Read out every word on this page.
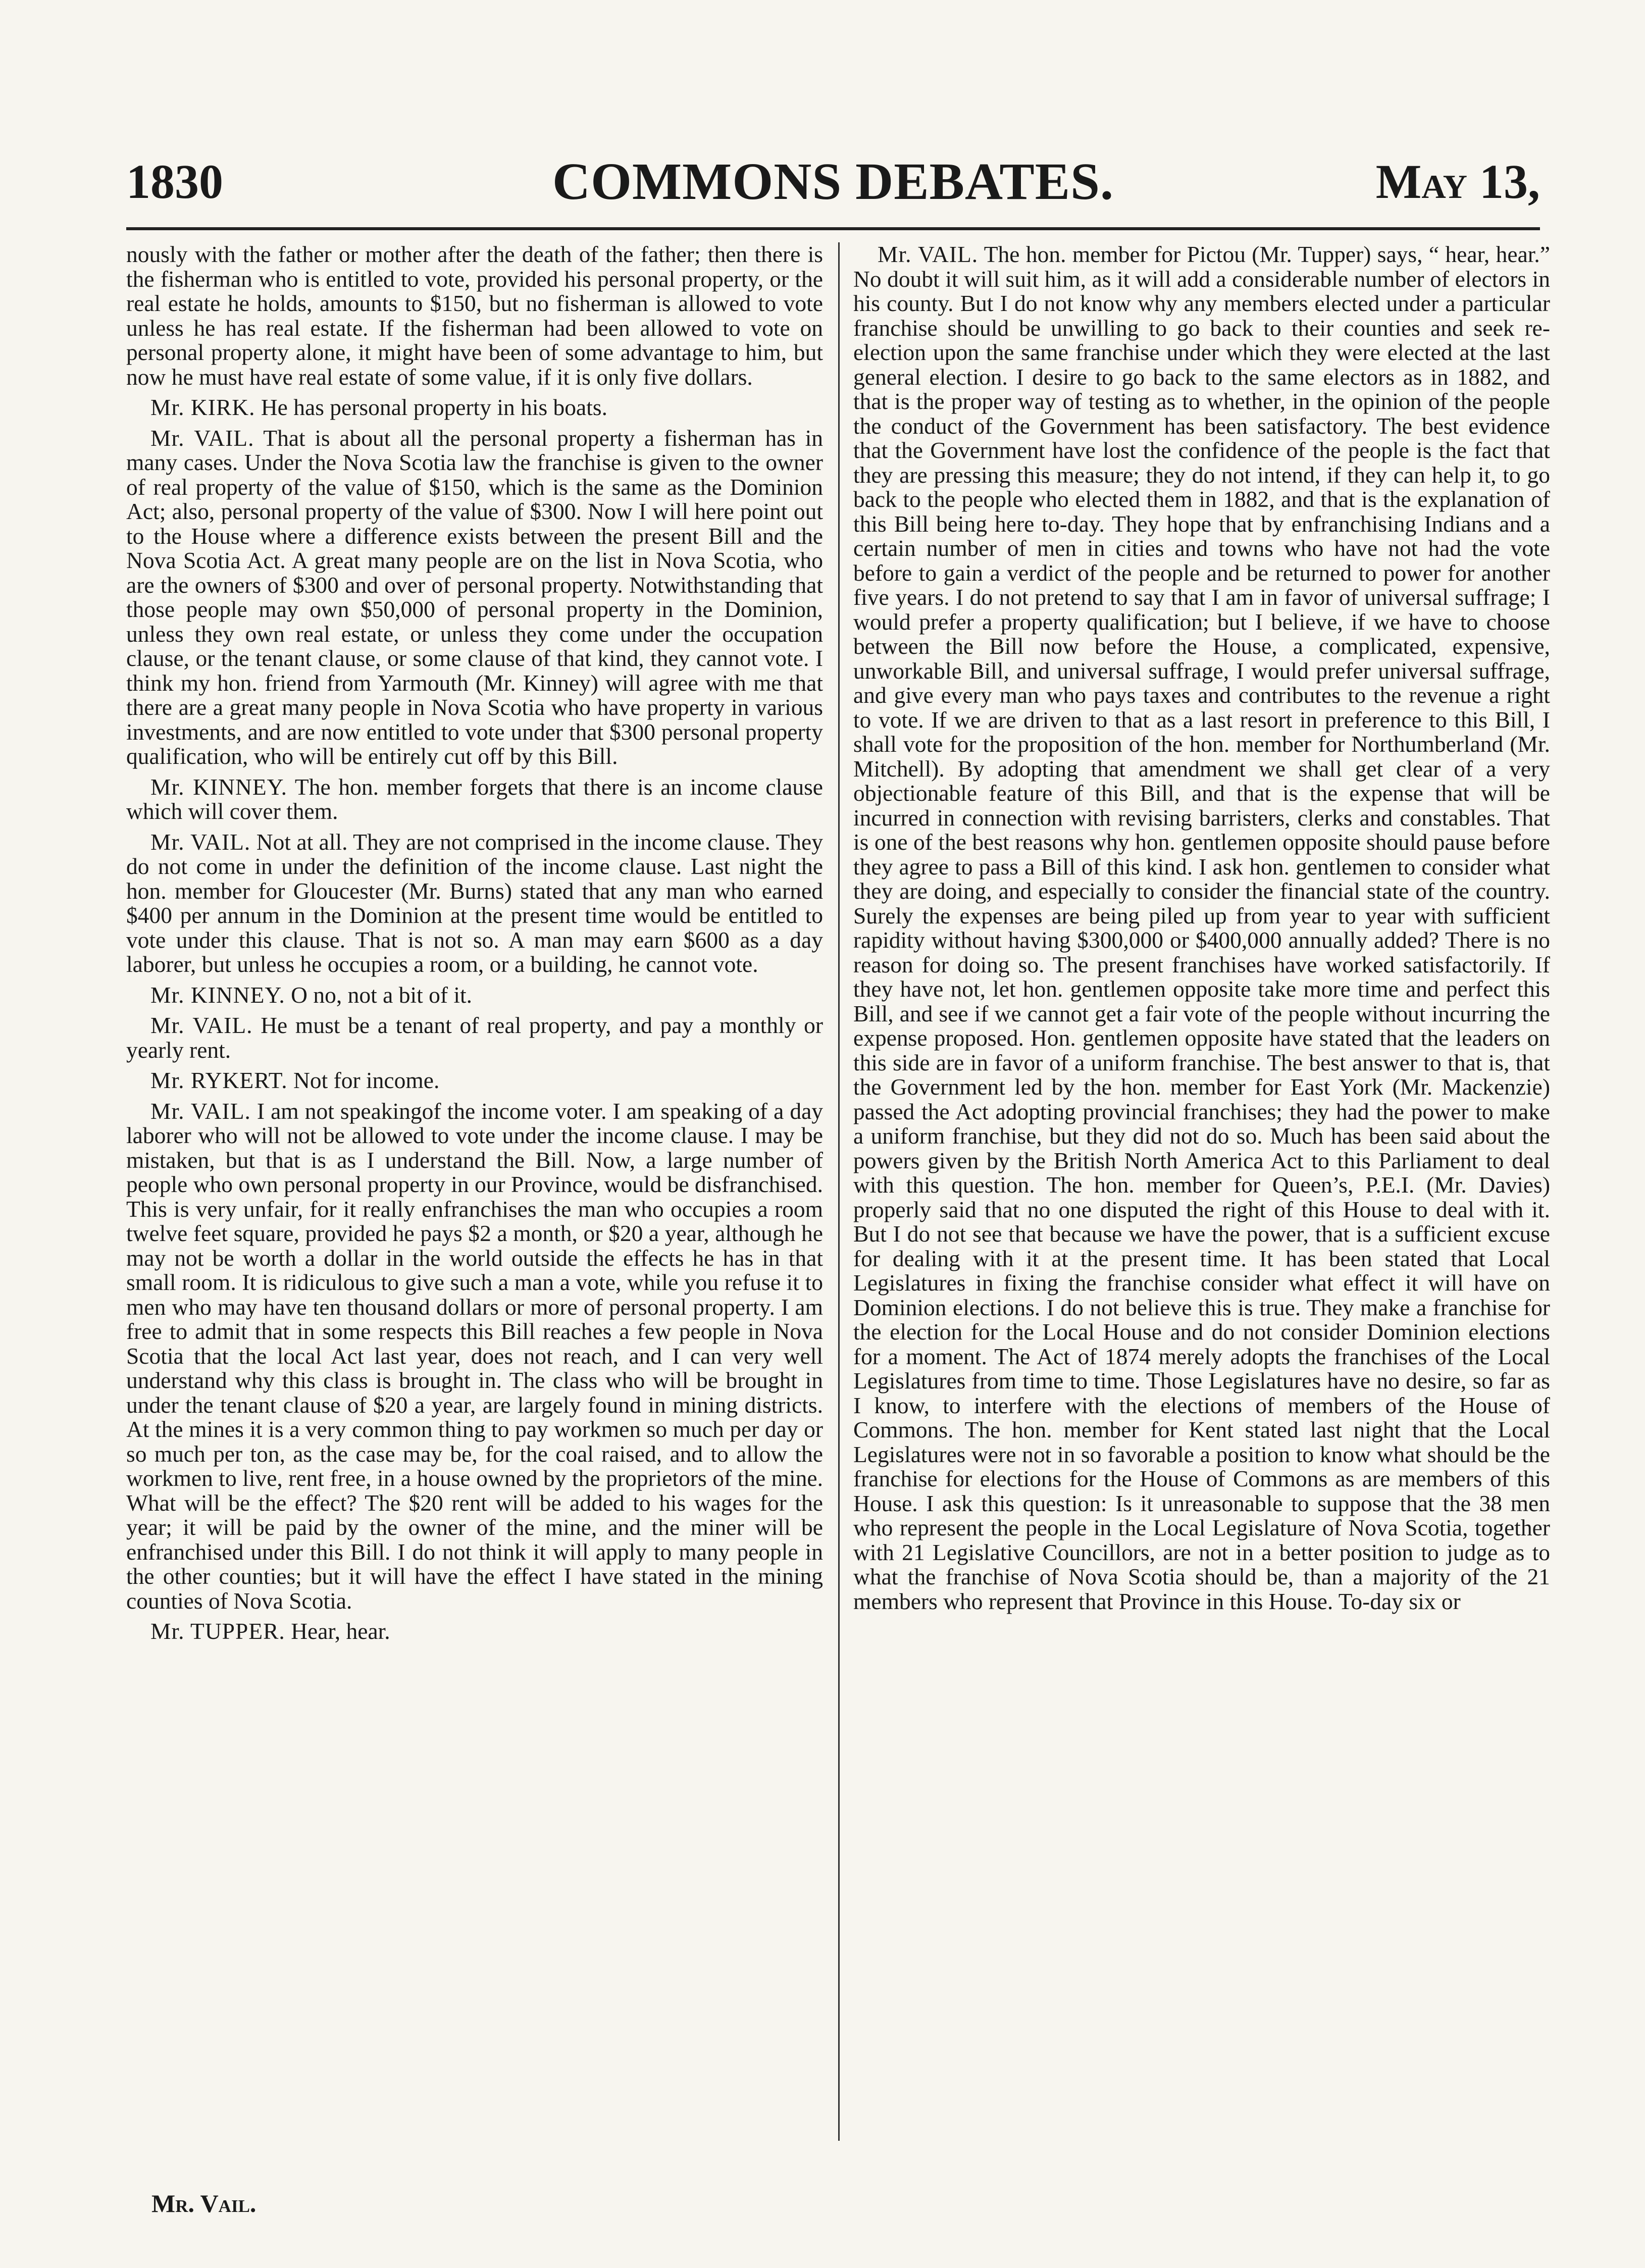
1830	COMMONS DEBATES.	May 13,

nously with the father or mother after the death of the father; then there is the fisherman who is entitled to vote, provided his personal property, or the real estate he holds, amounts to $150, but no fisherman is allowed to vote unless he has real estate. If the fisherman had been allowed to vote on personal property alone, it might have been of some advantage to him, but now he must have real estate of some value, if it is only five dollars.

Mr. KIRK. He has personal property in his boats.

Mr. VAIL. That is about all the personal property a fisherman has in many cases. Under the Nova Scotia law the franchise is given to the owner of real property of the value of $150, which is the same as the Dominion Act; also, personal property of the value of $300. Now I will here point out to the House where a difference exists between the present Bill and the Nova Scotia Act. A great many people are on the list in Nova Scotia, who are the owners of $300 and over of personal property. Notwithstanding that those people may own $50,000 of personal property in the Dominion, unless they own real estate, or unless they come under the occupation clause, or the tenant clause, or some clause of that kind, they cannot vote. I think my hon. friend from Yarmouth (Mr. Kinney) will agree with me that there are a great many people in Nova Scotia who have property in various investments, and are now entitled to vote under that $300 personal property qualification, who will be entirely cut off by this Bill.

Mr. KINNEY. The hon. member forgets that there is an income clause which will cover them.

Mr. VAIL. Not at all. They are not comprised in the income clause. They do not come in under the definition of the income clause. Last night the hon. member for Gloucester (Mr. Burns) stated that any man who earned $400 per annum in the Dominion at the present time would be entitled to vote under this clause. That is not so. A man may earn $600 as a day laborer, but unless he occupies a room, or a building, he cannot vote.

Mr. KINNEY. O no, not a bit of it.

Mr. VAIL. He must be a tenant of real property, and pay a monthly or yearly rent.

Mr. RYKERT. Not for income.

Mr. VAIL. I am not speakingof the income voter. I am speaking of a day laborer who will not be allowed to vote under the income clause. I may be mistaken, but that is as I understand the Bill. Now, a large number of people who own personal property in our Province, would be disfranchised. This is very unfair, for it really enfranchises the man who occupies a room twelve feet square, provided he pays $2 a month, or $20 a year, although he may not be worth a dollar in the world outside the effects he has in that small room. It is ridiculous to give such a man a vote, while you refuse it to men who may have ten thousand dollars or more of personal property. I am free to admit that in some respects this Bill reaches a few people in Nova Scotia that the local Act last year, does not reach, and I can very well understand why this class is brought in. The class who will be brought in under the tenant clause of $20 a year, are largely found in mining districts. At the mines it is a very common thing to pay workmen so much per day or so much per ton, as the case may be, for the coal raised, and to allow the workmen to live, rent free, in a house owned by the proprietors of the mine. What will be the effect? The $20 rent will be added to his wages for the year; it will be paid by the owner of the mine, and the miner will be enfranchised under this Bill. I do not think it will apply to many people in the other counties; but it will have the effect I have stated in the mining counties of Nova Scotia.

Mr. TUPPER. Hear, hear.

Mr. VAIL. The hon. member for Pictou (Mr. Tupper) says, “ hear, hear.” No doubt it will suit him, as it will add a considerable number of electors in his county. But I do not know why any members elected under a particular franchise should be unwilling to go back to their counties and seek re-election upon the same franchise under which they were elected at the last general election. I desire to go back to the same electors as in 1882, and that is the proper way of testing as to whether, in the opinion of the people the conduct of the Government has been satisfactory. The best evidence that the Government have lost the confidence of the people is the fact that they are pressing this measure; they do not intend, if they can help it, to go back to the people who elected them in 1882, and that is the explanation of this Bill being here to-day. They hope that by enfranchising Indians and a certain number of men in cities and towns who have not had the vote before to gain a verdict of the people and be returned to power for another five years. I do not pretend to say that I am in favor of universal suffrage; I would prefer a property qualification; but I believe, if we have to choose between the Bill now before the House, a complicated, expensive, unworkable Bill, and universal suffrage, I would prefer universal suffrage, and give every man who pays taxes and contributes to the revenue a right to vote. If we are driven to that as a last resort in preference to this Bill, I shall vote for the proposition of the hon. member for Northumberland (Mr. Mitchell). By adopting that amendment we shall get clear of a very objectionable feature of this Bill, and that is the expense that will be incurred in connection with revising barristers, clerks and constables. That is one of the best reasons why hon. gentlemen opposite should pause before they agree to pass a Bill of this kind. I ask hon. gentlemen to consider what they are doing, and especially to consider the financial state of the country. Surely the expenses are being piled up from year to year with sufficient rapidity without having $300,000 or $400,000 annually added? There is no reason for doing so. The present franchises have worked satisfactorily. If they have not, let hon. gentlemen opposite take more time and perfect this Bill, and see if we cannot get a fair vote of the people without incurring the expense proposed. Hon. gentlemen opposite have stated that the leaders on this side are in favor of a uniform franchise. The best answer to that is, that the Government led by the hon. member for East York (Mr. Mackenzie) passed the Act adopting provincial franchises; they had the power to make a uniform franchise, but they did not do so. Much has been said about the powers given by the British North America Act to this Parliament to deal with this question. The hon. member for Queen’s, P.E.I. (Mr. Davies) properly said that no one disputed the right of this House to deal with it. But I do not see that because we have the power, that is a sufficient excuse for dealing with it at the present time. It has been stated that Local Legislatures in fixing the franchise consider what effect it will have on Dominion elections. I do not believe this is true. They make a franchise for the election for the Local House and do not consider Dominion elections for a moment. The Act of 1874 merely adopts the franchises of the Local Legislatures from time to time. Those Legislatures have no desire, so far as I know, to interfere with the elections of members of the House of Commons. The hon. member for Kent stated last night that the Local Legislatures were not in so favorable a position to know what should be the franchise for elections for the House of Commons as are members of this House. I ask this question: Is it unreasonable to suppose that the 38 men who represent the people in the Local Legislature of Nova Scotia, together with 21 Legislative Councillors, are not in a better position to judge as to what the franchise of Nova Scotia should be, than a majority of the 21 members who represent that Province in this House. To-day six or

Mr. Vail.
